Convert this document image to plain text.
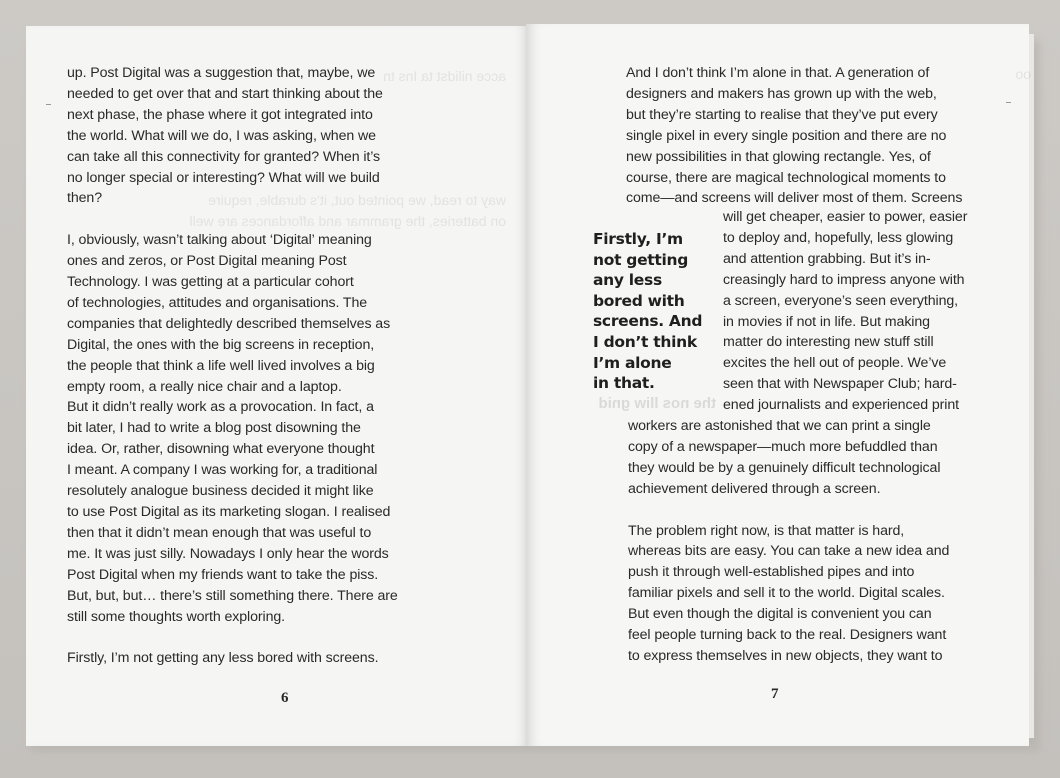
acce nilidst ta Ins tn
way to read, we pointed out, it’s durable, require
on batteries, the grammar and affordances are well

up. Post Digital was a suggestion that, maybe, we
needed to get over that and start thinking about the
next phase, the phase where it got integrated into
the world. What will we do, I was asking, when we
can take all this connectivity for granted? When it’s
no longer special or interesting? What will we build
then?

I, obviously, wasn’t talking about ‘Digital’ meaning
ones and zeros, or Post Digital meaning Post
Technology. I was getting at a particular cohort
of technologies, attitudes and organisations. The
companies that delightedly described themselves as
Digital, the ones with the big screens in reception,
the people that think a life well lived involves a big
empty room, a really nice chair and a laptop.
But it didn’t really work as a provocation. In fact, a
bit later, I had to write a blog post disowning the
idea. Or, rather, disowning what everyone thought
I meant. A company I was working for, a traditional
resolutely analogue business decided it might like
to use Post Digital as its marketing slogan. I realised
then that it didn’t mean enough that was useful to
me. It was just silly. Nowadays I only hear the words
Post Digital when my friends want to take the piss.
But, but, but… there’s still something there. There are
still some thoughts worth exploring.

Firstly, I’m not getting any less bored with screens.

6
oo
the nos lliw gnid

And I don’t think I’m alone in that. A generation of
designers and makers has grown up with the web,
but they’re starting to realise that they’ve put every
single pixel in every single position and there are no
new possibilities in that glowing rectangle. Yes, of
course, there are magical technological moments to
come—and screens will deliver most of them. Screens

Firstly, I’m
not getting
any less
bored with
screens. And
I don’t think
I’m alone
in that.

will get cheaper, easier to power, easier
to deploy and, hopefully, less glowing
and attention grabbing. But it’s in-
creasingly hard to impress anyone with
a screen, everyone’s seen everything,
in movies if not in life. But making
matter do interesting new stuff still
excites the hell out of people. We’ve
seen that with Newspaper Club; hard-
ened journalists and experienced print

workers are astonished that we can print a single
copy of a newspaper—much more befuddled than
they would be by a genuinely difficult technological
achievement delivered through a screen.

The problem right now, is that matter is hard,
whereas bits are easy. You can take a new idea and
push it through well-established pipes and into
familiar pixels and sell it to the world. Digital scales.
But even though the digital is convenient you can
feel people turning back to the real. Designers want
to express themselves in new objects, they want to

7
